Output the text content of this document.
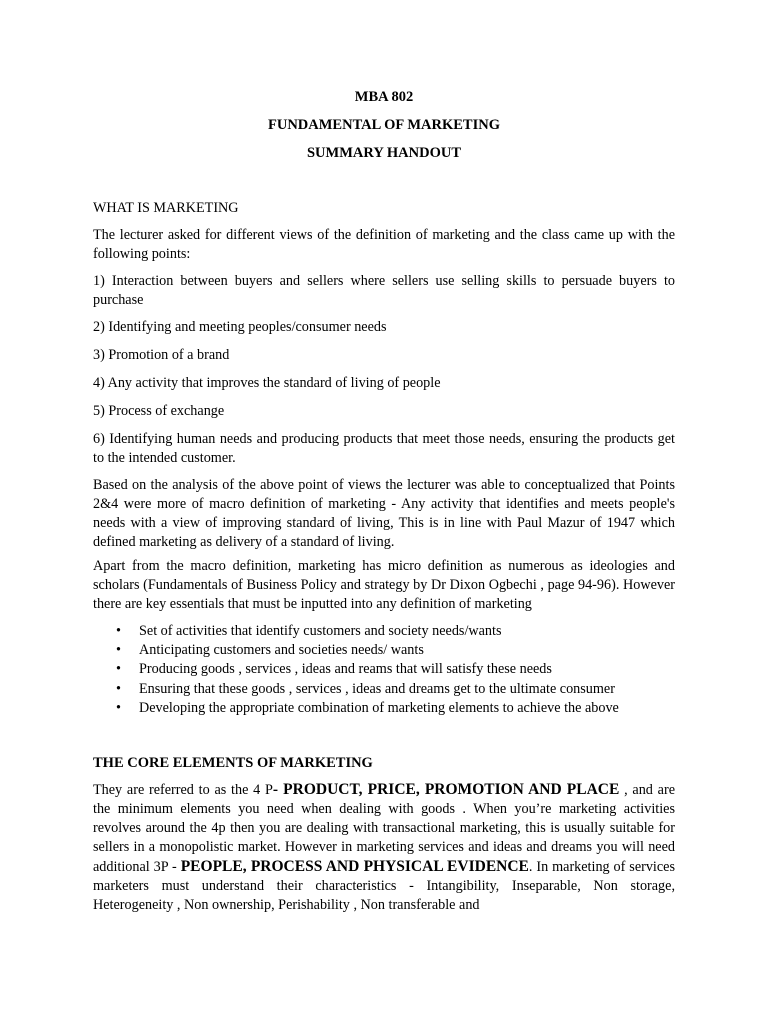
MBA 802
FUNDAMENTAL OF MARKETING
SUMMARY HANDOUT

WHAT IS MARKETING

The lecturer asked for different views of the definition of marketing and the class came up with the following points:

1) Interaction between buyers and sellers where sellers use selling skills to persuade buyers to purchase

2) Identifying and meeting peoples/consumer needs

3) Promotion of a brand

4) Any activity that improves the standard of living of people

5) Process of exchange

6) Identifying human needs and producing products that meet those needs, ensuring the products get to the intended customer.

Based on the analysis of the above point of views the lecturer was able to conceptualized that Points 2&4 were more of macro definition of marketing - Any activity that identifies and meets people's needs with a view of improving standard of living, This is in line with Paul Mazur of 1947 which defined marketing as delivery of a standard of living.

Apart from the macro definition, marketing has micro definition as numerous as ideologies and scholars (Fundamentals of Business Policy and strategy by Dr Dixon Ogbechi , page 94-96). However there are key essentials that must be inputted into any definition of marketing

• Set of activities that identify customers and society needs/wants
• Anticipating customers and societies needs/ wants
• Producing goods , services , ideas and reams that will satisfy these needs
• Ensuring that these goods , services , ideas and dreams get to the ultimate consumer
• Developing the appropriate combination of marketing elements to achieve the above
THE CORE ELEMENTS OF MARKETING

They are referred to as the 4 P- PRODUCT, PRICE, PROMOTION AND PLACE , and are the minimum elements you need when dealing with goods . When you’re marketing activities revolves around the 4p then you are dealing with transactional marketing, this is usually suitable for sellers in a monopolistic market. However in marketing services and ideas and dreams you will need additional 3P - PEOPLE, PROCESS AND PHYSICAL EVIDENCE. In marketing of services marketers must understand their characteristics - Intangibility, Inseparable, Non storage, Heterogeneity , Non ownership, Perishability , Non transferable and
